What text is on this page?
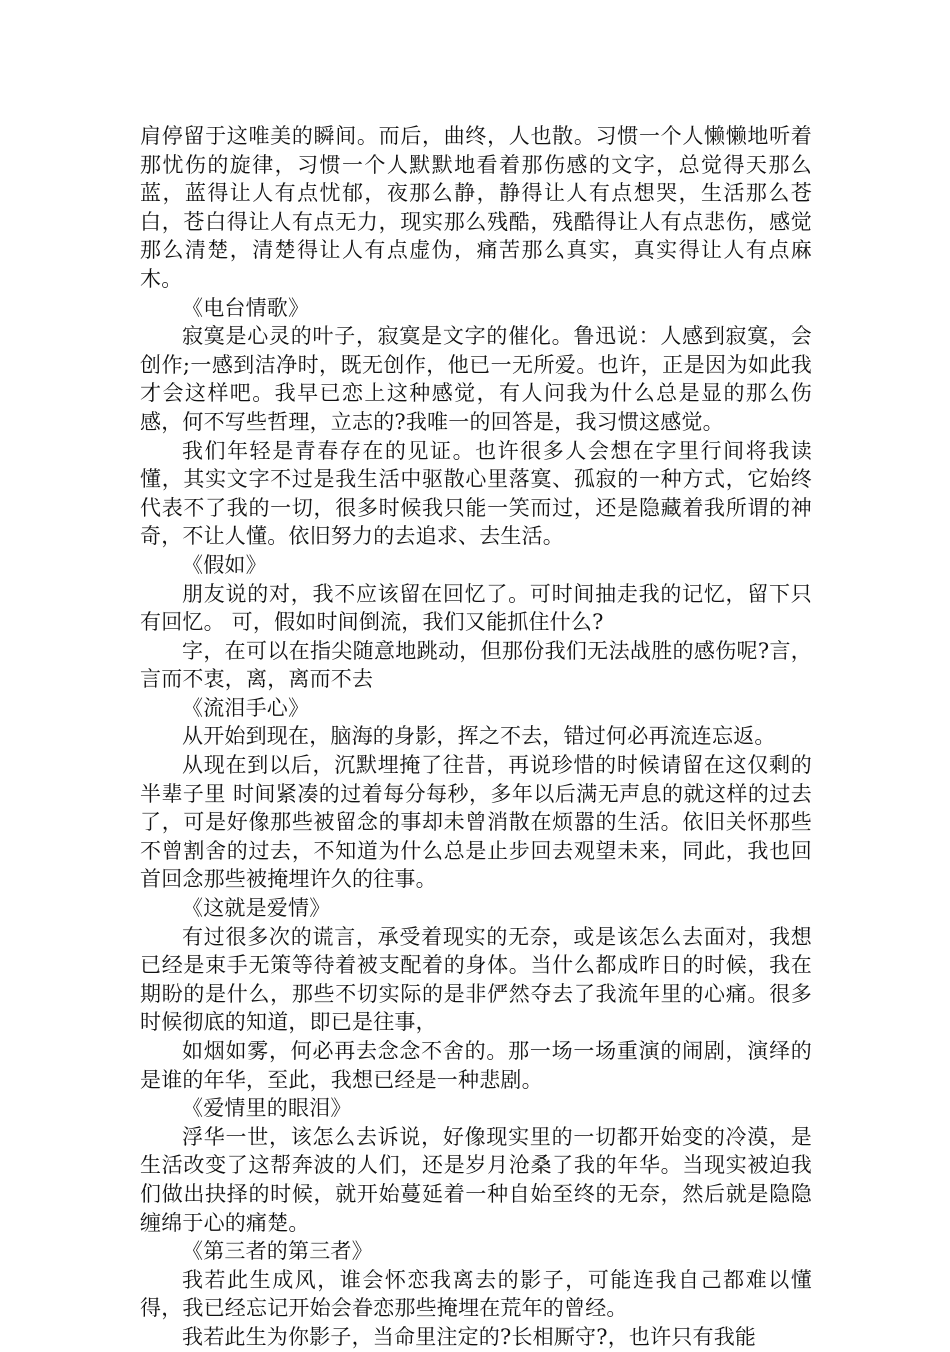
肩停留于这唯美的瞬间。而后，曲终，人也散。习惯一个人懒懒地听着那忧伤的旋律，习惯一个人默默地看着那伤感的文字，总觉得天那么蓝，蓝得让人有点忧郁，夜那么静，静得让人有点想哭，生活那么苍白，苍白得让人有点无力，现实那么残酷，残酷得让人有点悲伤，感觉那么清楚，清楚得让人有点虚伪，痛苦那么真实，真实得让人有点麻木。

《电台情歌》

寂寞是心灵的叶子，寂寞是文字的催化。鲁迅说：人感到寂寞，会创作;一感到洁净时，既无创作，他已一无所爱。也许，正是因为如此我才会这样吧。我早已恋上这种感觉，有人问我为什么总是显的那么伤感，何不写些哲理，立志的?我唯一的回答是，我习惯这感觉。

我们年轻是青春存在的见证。也许很多人会想在字里行间将我读懂，其实文字不过是我生活中驱散心里落寞、孤寂的一种方式，它始终代表不了我的一切，很多时候我只能一笑而过，还是隐藏着我所谓的神奇，不让人懂。依旧努力的去追求、去生活。

《假如》

朋友说的对，我不应该留在回忆了。可时间抽走我的记忆，留下只有回忆。 可，假如时间倒流，我们又能抓住什么?

字，在可以在指尖随意地跳动，但那份我们无法战胜的感伤呢?言，言而不衷，离，离而不去

《流泪手心》

从开始到现在，脑海的身影，挥之不去，错过何必再流连忘返。

从现在到以后，沉默埋掩了往昔，再说珍惜的时候请留在这仅剩的半辈子里 时间紧凑的过着每分每秒，多年以后满无声息的就这样的过去了，可是好像那些被留念的事却未曾消散在烦嚣的生活。依旧关怀那些不曾割舍的过去，不知道为什么总是止步回去观望未来，同此，我也回首回念那些被掩埋许久的往事。

《这就是爱情》

有过很多次的谎言，承受着现实的无奈，或是该怎么去面对，我想已经是束手无策等待着被支配着的身体。当什么都成昨日的时候，我在期盼的是什么，那些不切实际的是非俨然夺去了我流年里的心痛。很多时候彻底的知道，即已是往事，

如烟如雾，何必再去念念不舍的。那一场一场重演的闹剧，演绎的是谁的年华，至此，我想已经是一种悲剧。

《爱情里的眼泪》

浮华一世，该怎么去诉说，好像现实里的一切都开始变的冷漠，是生活改变了这帮奔波的人们，还是岁月沧桑了我的年华。当现实被迫我们做出抉择的时候，就开始蔓延着一种自始至终的无奈，然后就是隐隐缠绵于心的痛楚。

《第三者的第三者》

我若此生成风，谁会怀恋我离去的影子，可能连我自己都难以懂得，我已经忘记开始会眷恋那些掩埋在荒年的曾经。

我若此生为你影子，当命里注定的?长相厮守?，也许只有我能
